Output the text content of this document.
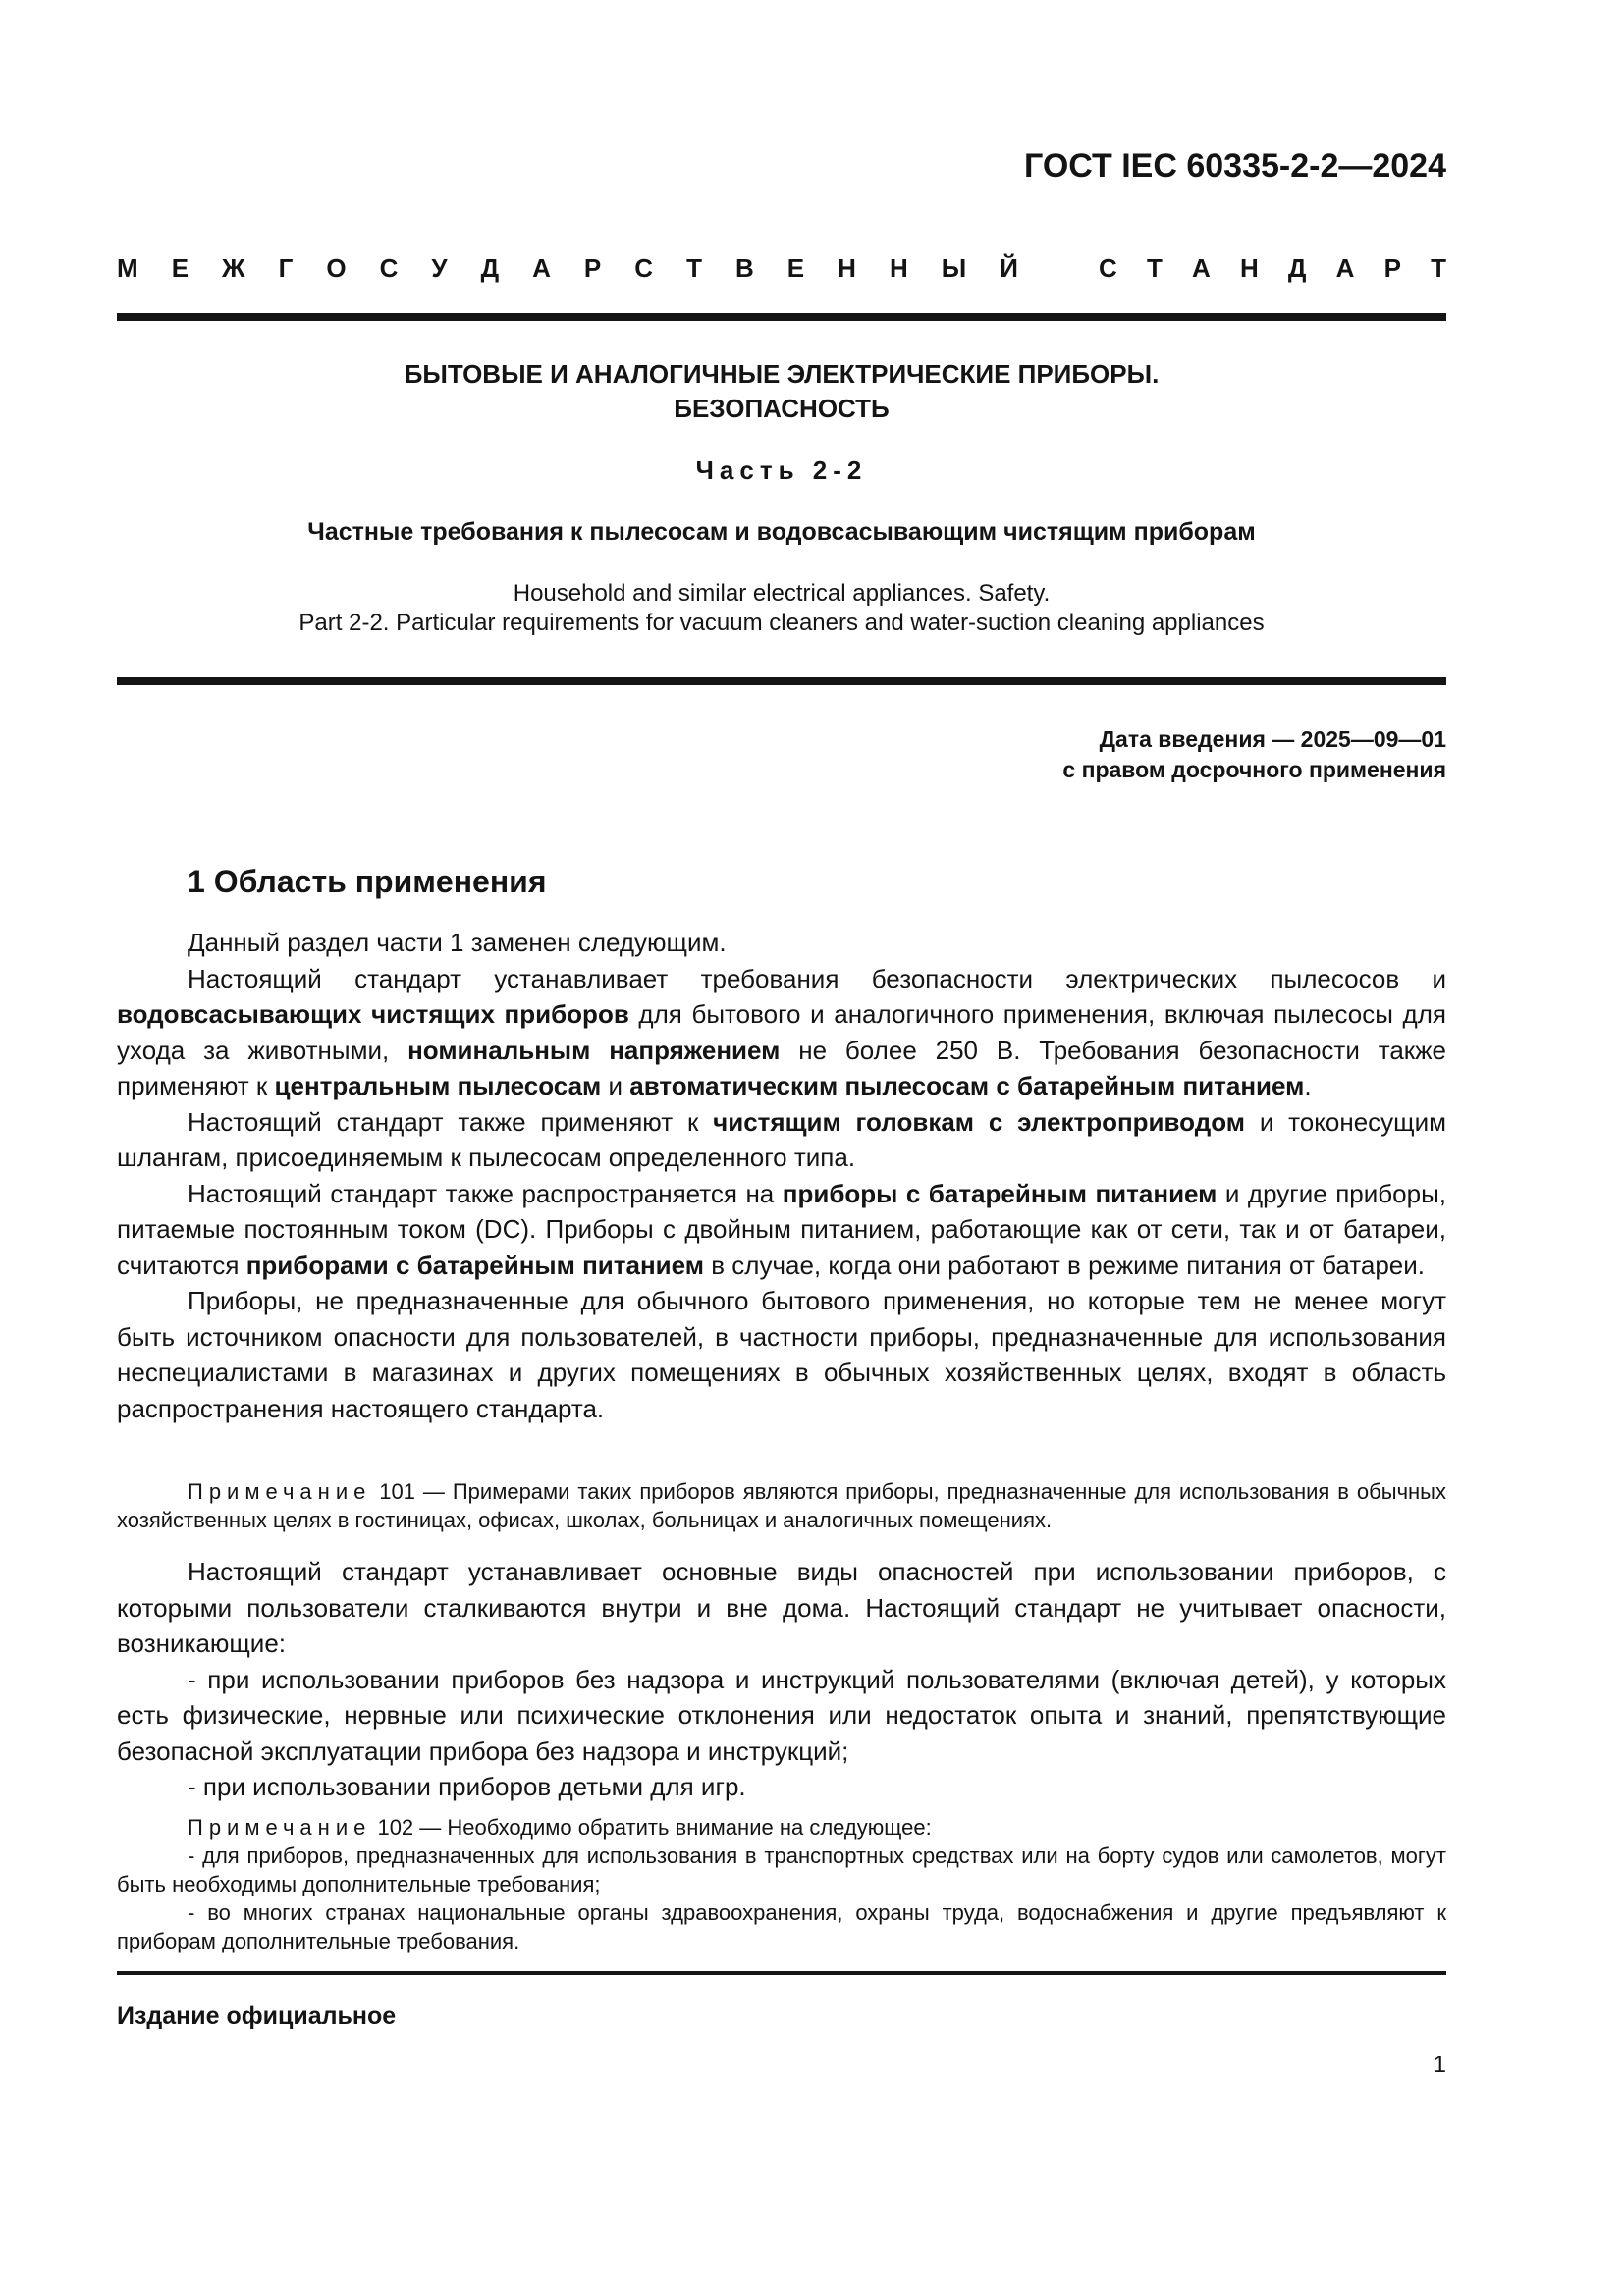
ГОСТ IEC 60335-2-2—2024
М Е Ж Г О С У Д А Р С Т В Е Н Н Ы Й	С Т А Н Д А Р Т
БЫТОВЫЕ И АНАЛОГИЧНЫЕ ЭЛЕКТРИЧЕСКИЕ ПРИБОРЫ.
БЕЗОПАСНОСТЬ
Часть 2-2
Частные требования к пылесосам и водовсасывающим чистящим приборам
Household and similar electrical appliances. Safety.
Part 2-2. Particular requirements for vacuum cleaners and water-suction cleaning appliances
Дата введения — 2025—09—01
с правом досрочного применения
1 Область применения

Данный раздел части 1 заменен следующим.

Настоящий стандарт устанавливает требования безопасности электрических пылесосов и водовсасывающих чистящих приборов для бытового и аналогичного применения, включая пылесосы для ухода за животными, номинальным напряжением не более 250 В. Требования безопасности также применяют к центральным пылесосам и автоматическим пылесосам с батарейным питанием.

Настоящий стандарт также применяют к чистящим головкам с электроприводом и токонесущим шлангам, присоединяемым к пылесосам определенного типа.

Настоящий стандарт также распространяется на приборы с батарейным питанием и другие приборы, питаемые постоянным током (DC). Приборы с двойным питанием, работающие как от сети, так и от батареи, считаются приборами с батарейным питанием в случае, когда они работают в режиме питания от батареи.

Приборы, не предназначенные для обычного бытового применения, но которые тем не менее могут быть источником опасности для пользователей, в частности приборы, предназначенные для использования неспециалистами в магазинах и других помещениях в обычных хозяйственных целях, входят в область распространения настоящего стандарта.

Примечание 101 — Примерами таких приборов являются приборы, предназначенные для использования в обычных хозяйственных целях в гостиницах, офисах, школах, больницах и аналогичных помещениях.

Настоящий стандарт устанавливает основные виды опасностей при использовании приборов, с которыми пользователи сталкиваются внутри и вне дома. Настоящий стандарт не учитывает опасности, возникающие:

- при использовании приборов без надзора и инструкций пользователями (включая детей), у которых есть физические, нервные или психические отклонения или недостаток опыта и знаний, препятствующие безопасной эксплуатации прибора без надзора и инструкций;

- при использовании приборов детьми для игр.

Примечание 102 — Необходимо обратить внимание на следующее:

- для приборов, предназначенных для использования в транспортных средствах или на борту судов или самолетов, могут быть необходимы дополнительные требования;

- во многих странах национальные органы здравоохранения, охраны труда, водоснабжения и другие предъявляют к приборам дополнительные требования.

Издание официальное
1
